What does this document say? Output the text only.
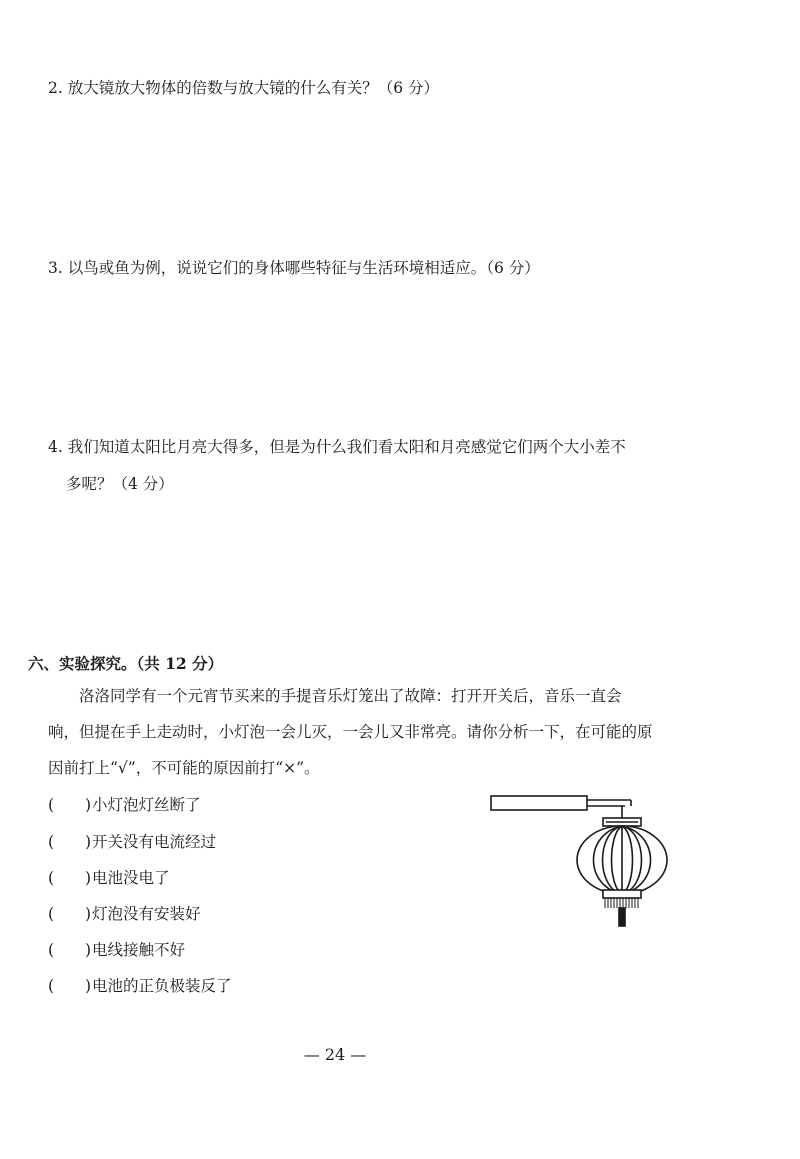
2. 放大镜放大物体的倍数与放大镜的什么有关？（6 分）
3. 以鸟或鱼为例，说说它们的身体哪些特征与生活环境相适应。（6 分）
4. 我们知道太阳比月亮大得多，但是为什么我们看太阳和月亮感觉它们两个大小差不
多呢？（4 分）
六、实验探究。（共 12 分）
洛洛同学有一个元宵节买来的手提音乐灯笼出了故障：打开开关后，音乐一直会
响，但提在手上走动时，小灯泡一会儿灭，一会儿又非常亮。请你分析一下，在可能的原
因前打上“√”，不可能的原因前打“×”。
(　　)小灯泡灯丝断了
(　　)开关没有电流经过
(　　)电池没电了
(　　)灯泡没有安装好
(　　)电线接触不好
(　　)电池的正负极装反了
— 24 —
